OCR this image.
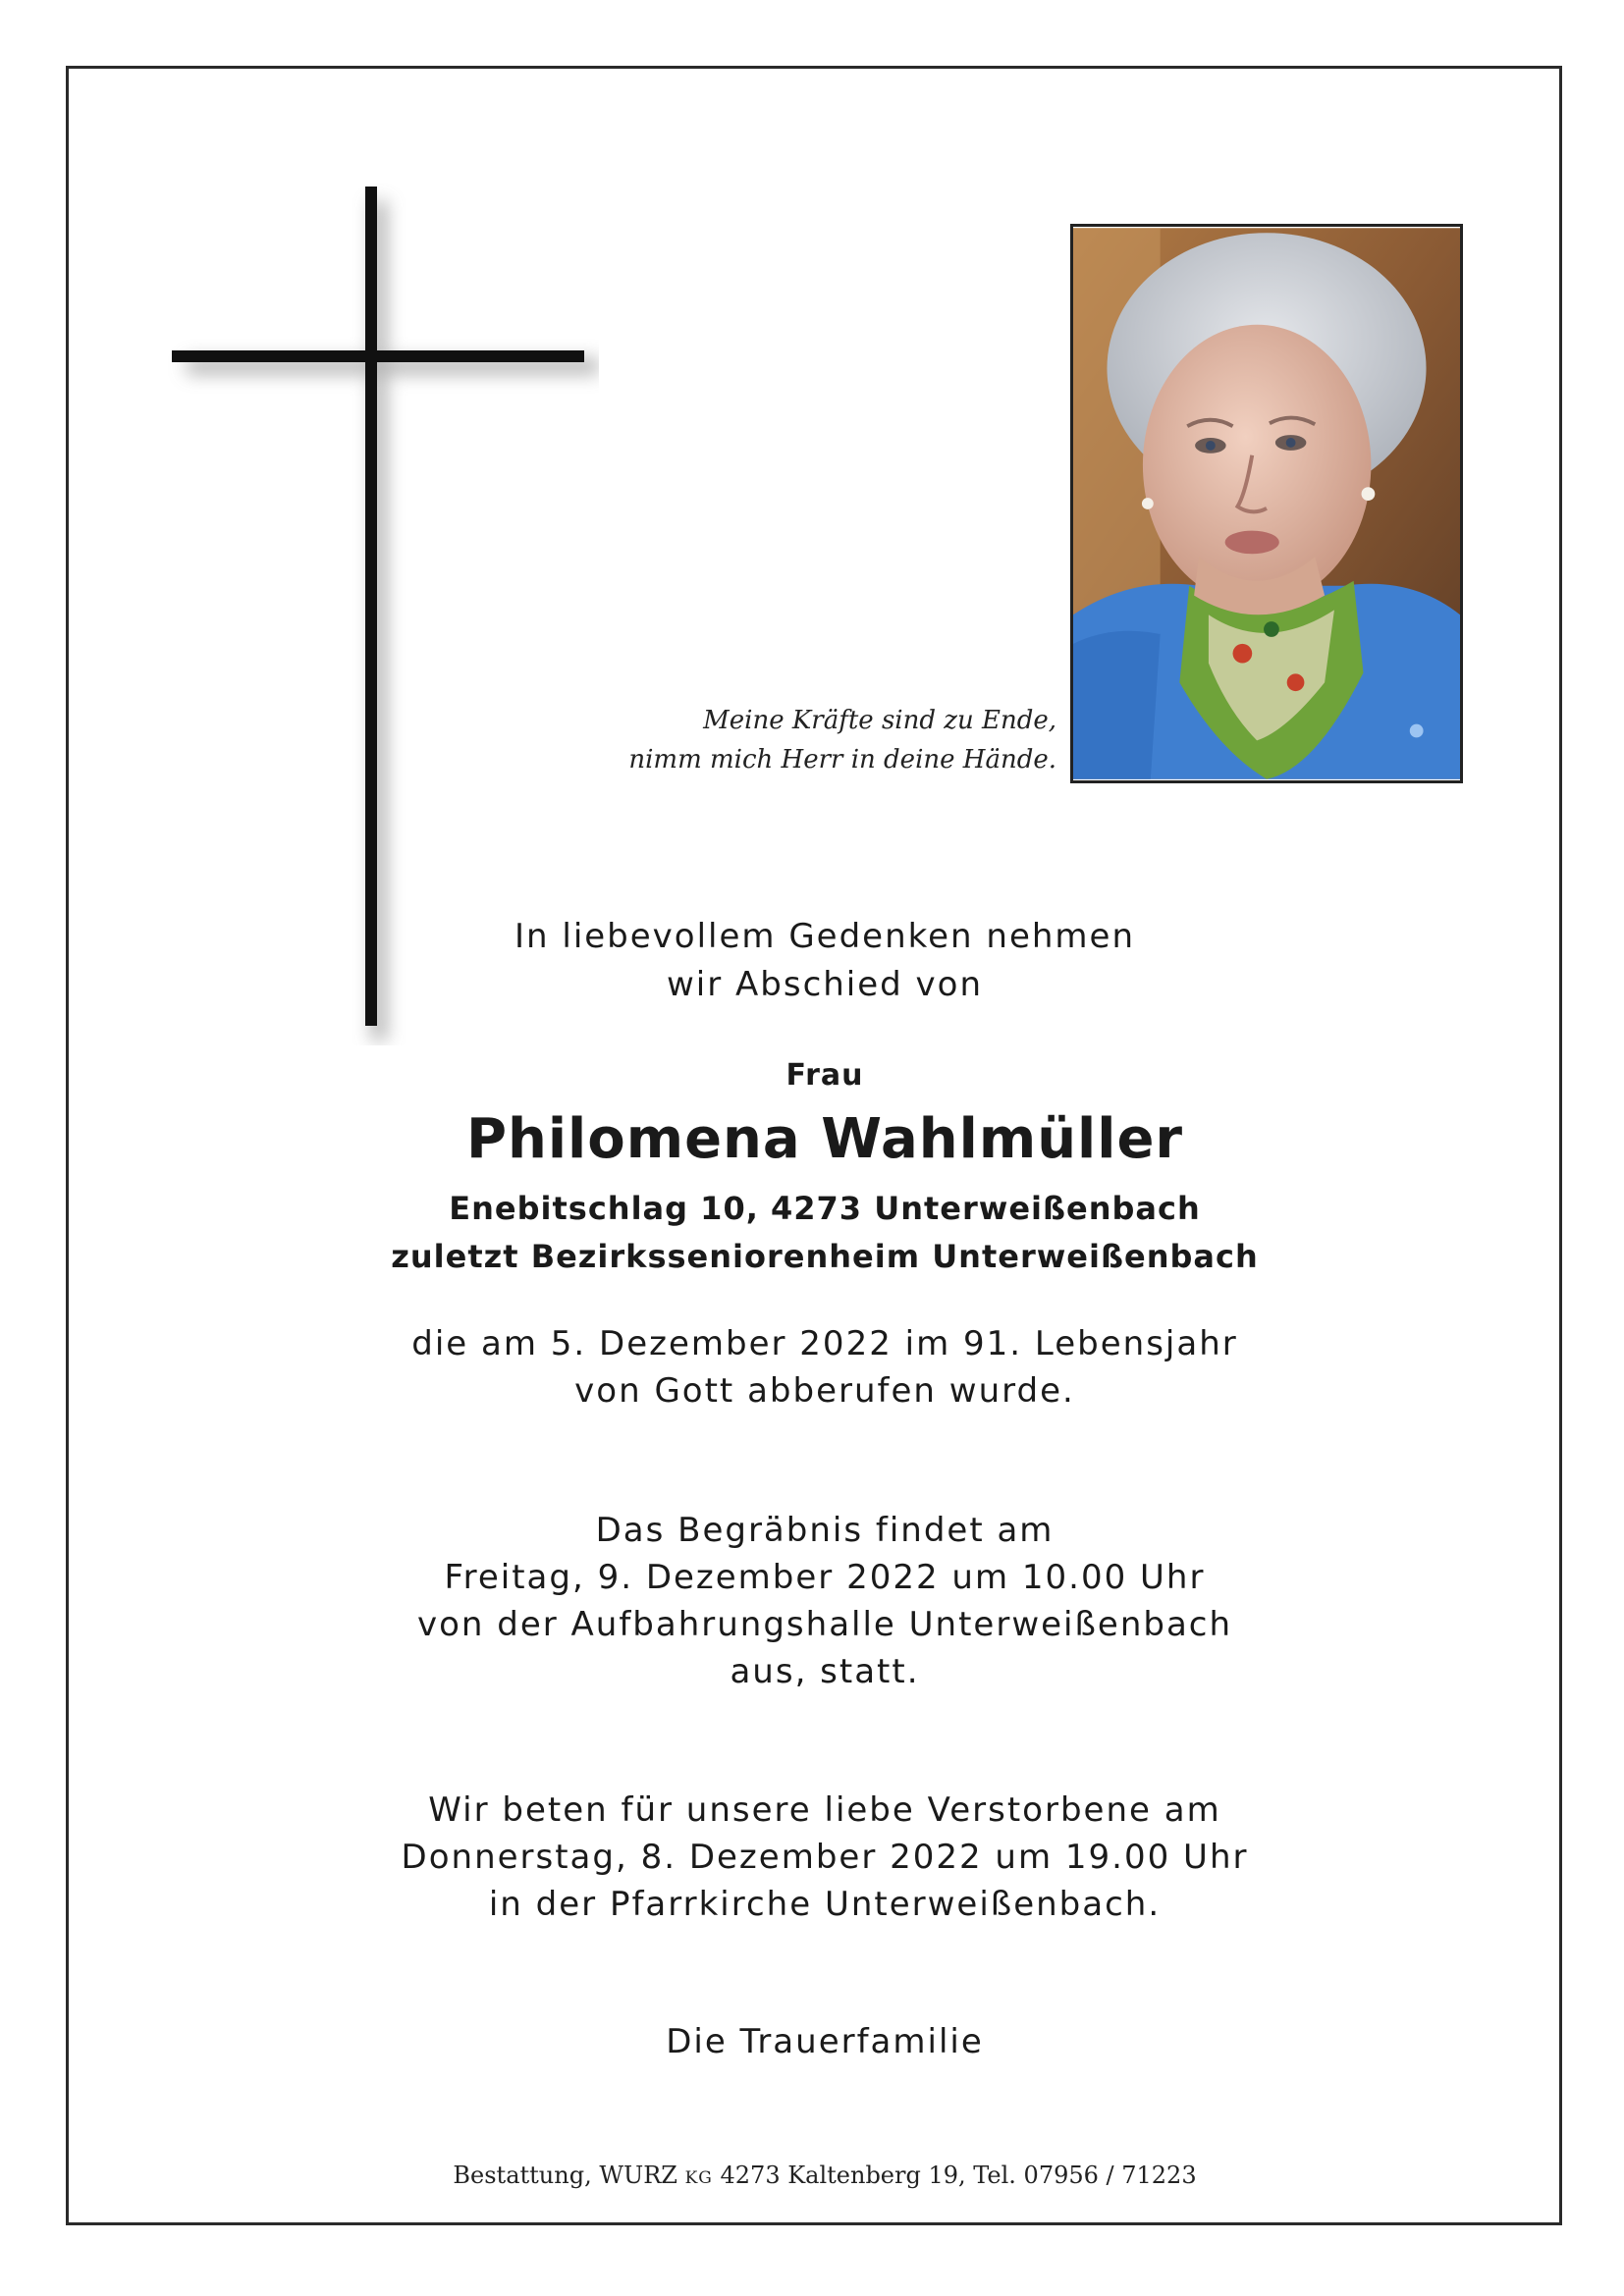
Meine Kräfte sind zu Ende,
nimm mich Herr in deine Hände.
In liebevollem Gedenken nehmen
wir Abschied von
Frau
Philomena Wahlmüller
Enebitschlag 10, 4273 Unterweißenbach
zuletzt Bezirksseniorenheim Unterweißenbach
die am 5. Dezember 2022 im 91. Lebensjahr
von Gott abberufen wurde.
Das Begräbnis findet am
Freitag, 9. Dezember 2022 um 10.00 Uhr
von der Aufbahrungshalle Unterweißenbach
aus, statt.
Wir beten für unsere liebe Verstorbene am
Donnerstag, 8. Dezember 2022 um 19.00 Uhr
in der Pfarrkirche Unterweißenbach.
Die Trauerfamilie
Bestattung, WURZ KG 4273 Kaltenberg 19, Tel. 07956 / 71223
